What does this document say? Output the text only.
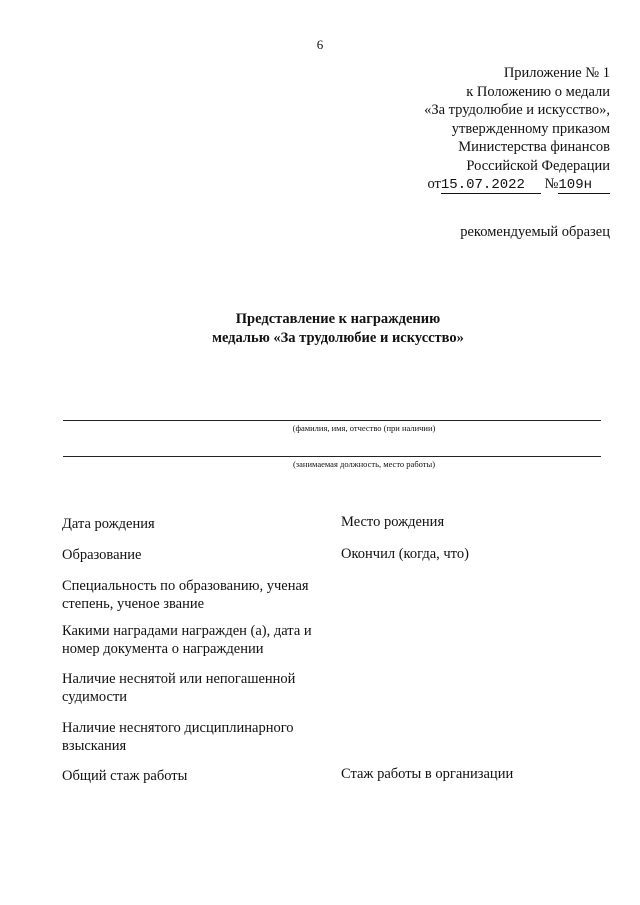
6
Приложение № 1
к Положению о медали
«За трудолюбие и искусство»,
утвержденному приказом
Министерства финансов
Российской Федерации
от15.07.2022 №109н
рекомендуемый образец
Представление к награждению
медалью «За трудолюбие и искусство»
(фамилия, имя, отчество (при наличии)
(занимаемая должность, место работы)
Дата рождения	Место рождения
Образование	Окончил (когда, что)
Специальность по образованию, ученая
степень, ученое звание
Какими наградами награжден (а), дата и
номер документа о награждении
Наличие неснятой или непогашенной
судимости
Наличие неснятого дисциплинарного
взыскания
Общий стаж работы	Стаж работы в организации
